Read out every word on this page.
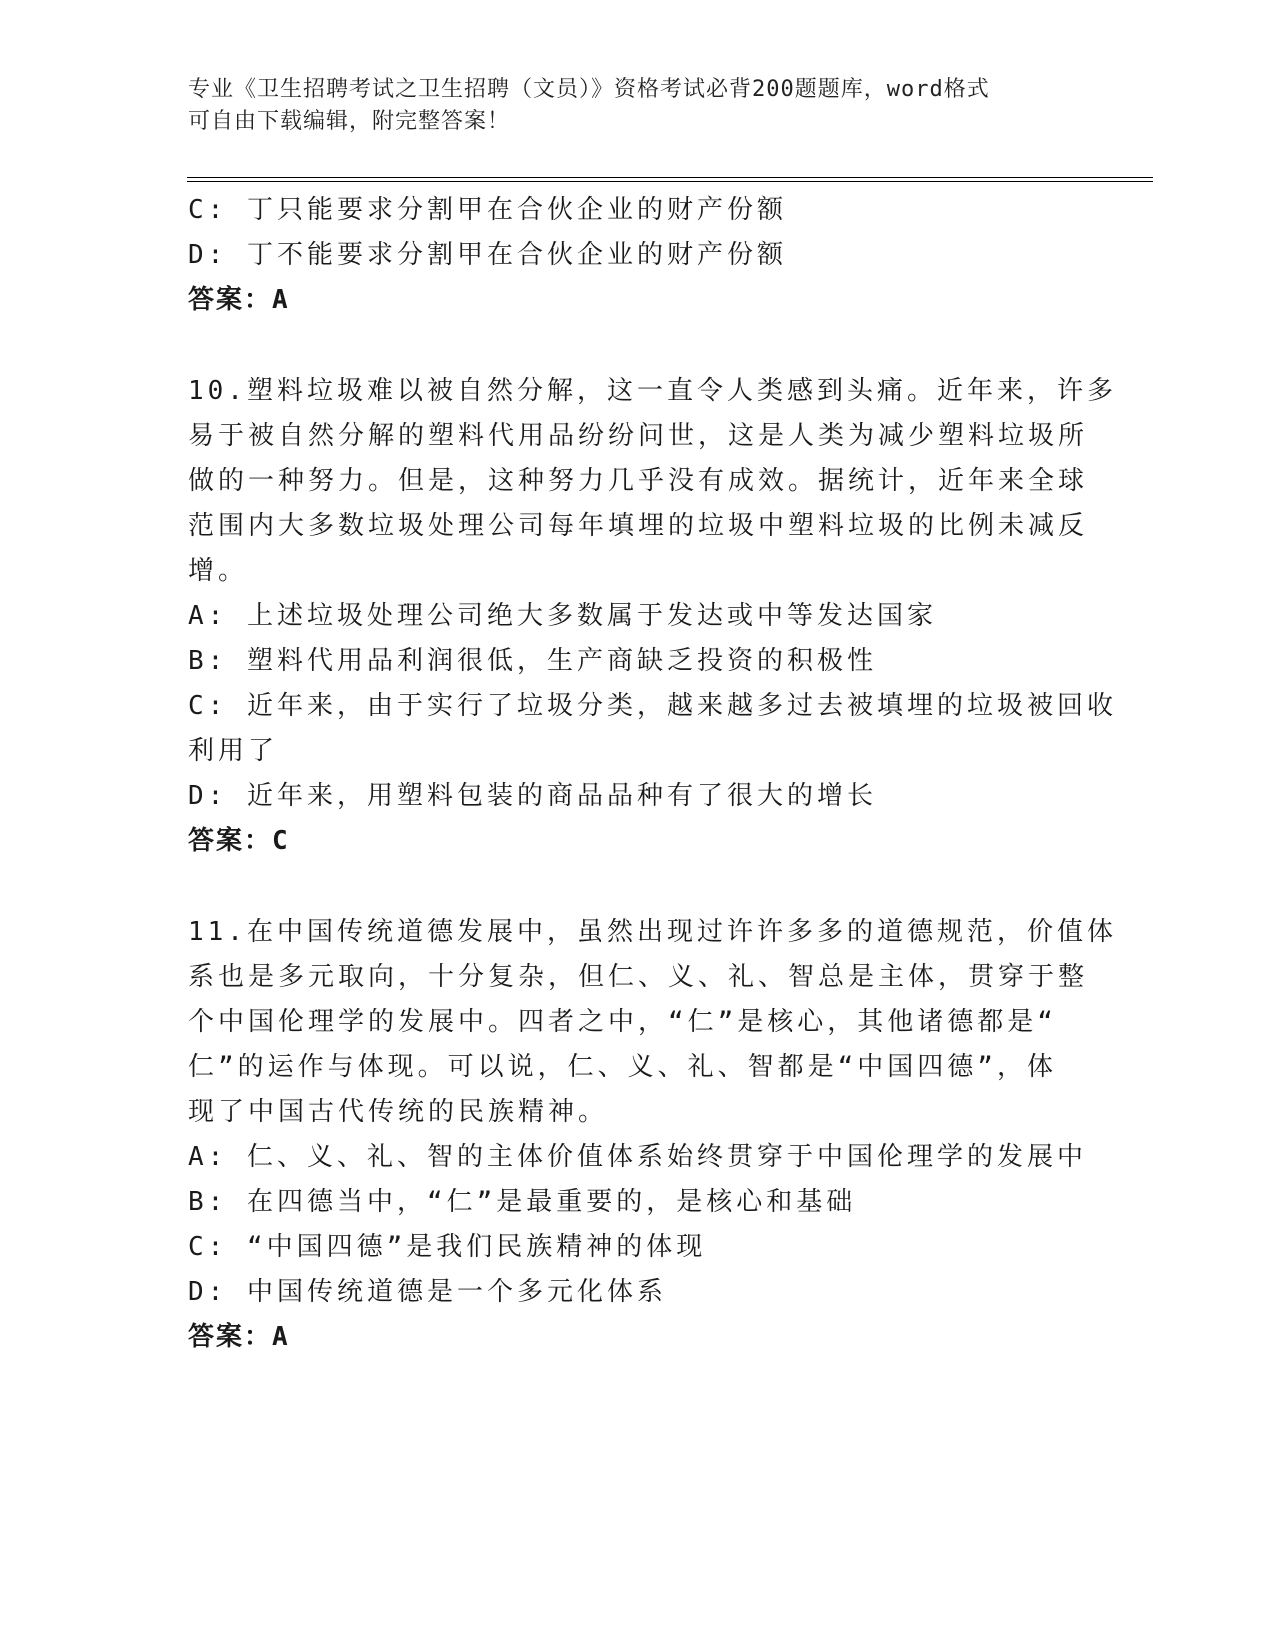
专业《卫生招聘考试之卫生招聘（文员）》资格考试必背200题题库，word格式
可自由下载编辑，附完整答案！

C: 丁只能要求分割甲在合伙企业的财产份额

D: 丁不能要求分割甲在合伙企业的财产份额

答案：A

10.塑料垃圾难以被自然分解，这一直令人类感到头痛。近年来，许多

易于被自然分解的塑料代用品纷纷问世，这是人类为减少塑料垃圾所

做的一种努力。但是，这种努力几乎没有成效。据统计，近年来全球

范围内大多数垃圾处理公司每年填埋的垃圾中塑料垃圾的比例未减反

增。

A: 上述垃圾处理公司绝大多数属于发达或中等发达国家

B: 塑料代用品利润很低，生产商缺乏投资的积极性

C: 近年来，由于实行了垃圾分类，越来越多过去被填埋的垃圾被回收

利用了

D: 近年来，用塑料包装的商品品种有了很大的增长

答案：C

11.在中国传统道德发展中，虽然出现过许许多多的道德规范，价值体

系也是多元取向，十分复杂，但仁、义、礼、智总是主体，贯穿于整

个中国伦理学的发展中。四者之中，“仁”是核心，其他诸德都是“

仁”的运作与体现。可以说，仁、义、礼、智都是“中国四德”，体

现了中国古代传统的民族精神。

A: 仁、义、礼、智的主体价值体系始终贯穿于中国伦理学的发展中

B: 在四德当中，“仁”是最重要的，是核心和基础

C: “中国四德”是我们民族精神的体现

D: 中国传统道德是一个多元化体系

答案：A
